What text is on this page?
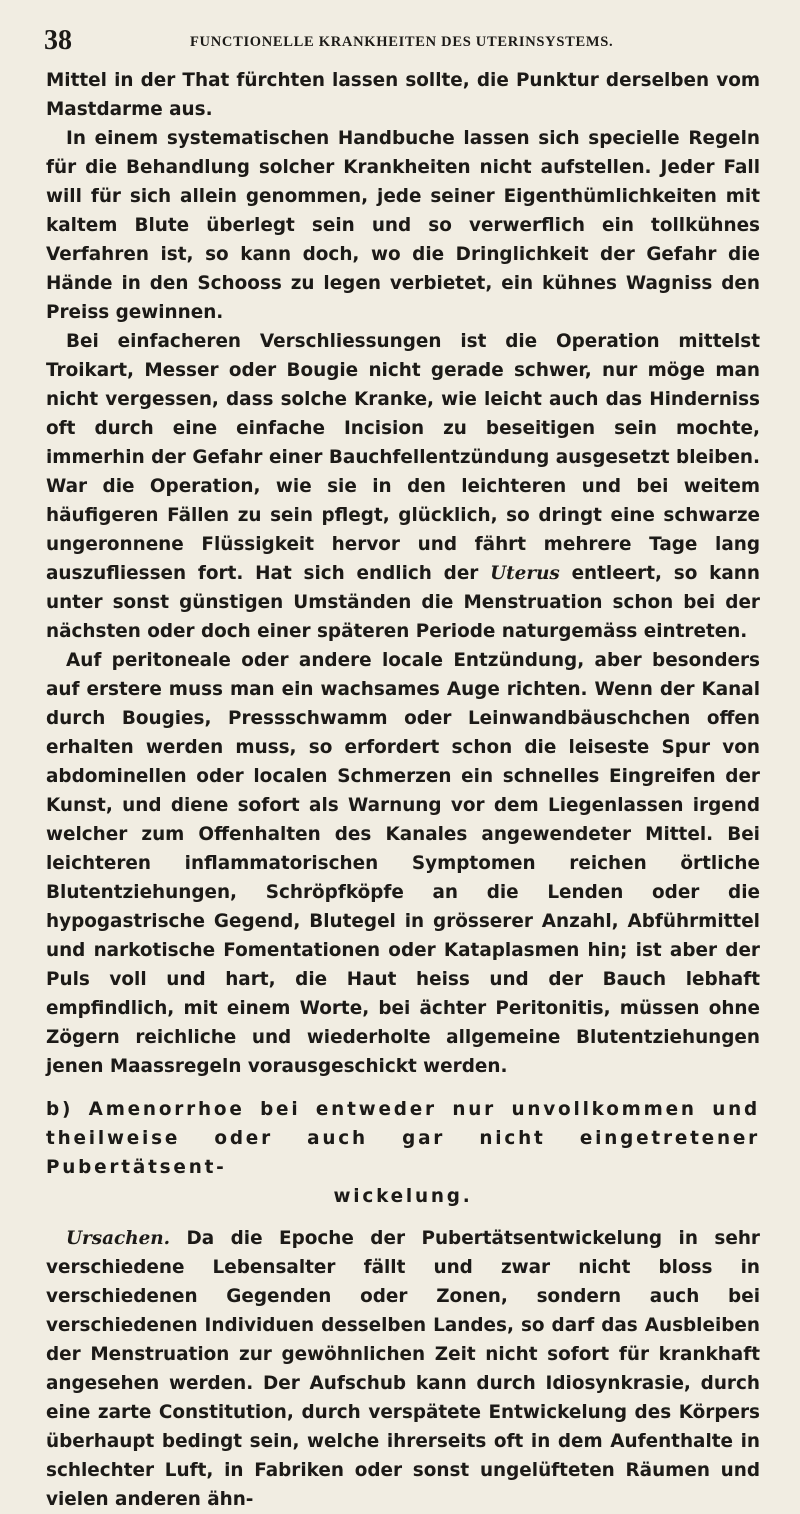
38	FUNCTIONELLE KRANKHEITEN DES UTERINSYSTEMS.

Mittel in der That fürchten lassen sollte, die Punktur derselben vom Mastdarme aus.

In einem systematischen Handbuche lassen sich specielle Regeln für die Behandlung solcher Krankheiten nicht aufstellen. Jeder Fall will für sich allein genommen, jede seiner Eigenthümlichkeiten mit kaltem Blute überlegt sein und so verwerflich ein tollkühnes Verfahren ist, so kann doch, wo die Dringlichkeit der Gefahr die Hände in den Schooss zu legen verbietet, ein kühnes Wagniss den Preiss gewinnen.

Bei einfacheren Verschliessungen ist die Operation mittelst Troikart, Messer oder Bougie nicht gerade schwer, nur möge man nicht vergessen, dass solche Kranke, wie leicht auch das Hinderniss oft durch eine einfache Incision zu beseitigen sein mochte, immerhin der Gefahr einer Bauchfellentzündung ausgesetzt bleiben. War die Operation, wie sie in den leichteren und bei weitem häufigeren Fällen zu sein pflegt, glücklich, so dringt eine schwarze ungeronnene Flüssigkeit hervor und fährt mehrere Tage lang auszufliessen fort. Hat sich endlich der Uterus entleert, so kann unter sonst günstigen Umständen die Menstruation schon bei der nächsten oder doch einer späteren Periode naturgemäss eintreten.

Auf peritoneale oder andere locale Entzündung, aber besonders auf erstere muss man ein wachsames Auge richten. Wenn der Kanal durch Bougies, Pressschwamm oder Leinwandbäuschchen offen erhalten werden muss, so erfordert schon die leiseste Spur von abdominellen oder localen Schmerzen ein schnelles Eingreifen der Kunst, und diene sofort als Warnung vor dem Liegenlassen irgend welcher zum Offenhalten des Kanales angewendeter Mittel. Bei leichteren inflammatorischen Symptomen reichen örtliche Blutentziehungen, Schröpfköpfe an die Lenden oder die hypogastrische Gegend, Blutegel in grösserer Anzahl, Abführmittel und narkotische Fomentationen oder Kataplasmen hin; ist aber der Puls voll und hart, die Haut heiss und der Bauch lebhaft empfindlich, mit einem Worte, bei ächter Peritonitis, müssen ohne Zögern reichliche und wiederholte allgemeine Blutentziehungen jenen Maassregeln vorausgeschickt werden.

b) Amenorrhoe bei entweder nur unvollkommen und theilweise oder auch gar nicht eingetretener Pubertätsent-
wickelung.

Ursachen. Da die Epoche der Pubertätsentwickelung in sehr verschiedene Lebensalter fällt und zwar nicht bloss in verschiedenen Gegenden oder Zonen, sondern auch bei verschiedenen Individuen desselben Landes, so darf das Ausbleiben der Menstruation zur gewöhnlichen Zeit nicht sofort für krankhaft angesehen werden. Der Aufschub kann durch Idiosynkrasie, durch eine zarte Constitution, durch verspätete Entwickelung des Körpers überhaupt bedingt sein, welche ihrerseits oft in dem Aufenthalte in schlechter Luft, in Fabriken oder sonst ungelüfteten Räumen und vielen anderen ähn-
